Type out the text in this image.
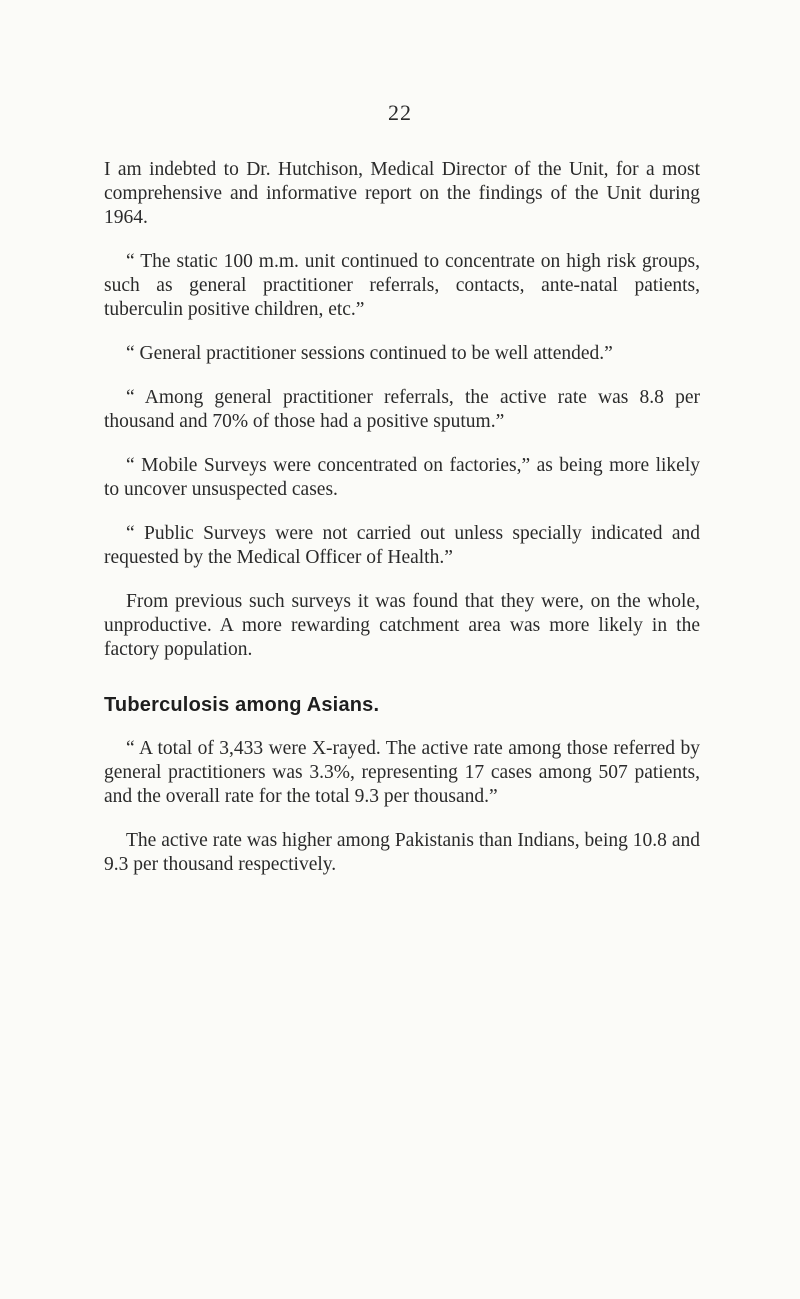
22

I am indebted to Dr. Hutchison, Medical Director of the Unit, for a most comprehensive and informative report on the findings of the Unit during 1964.

“ The static 100 m.m. unit continued to concentrate on high risk groups, such as general practitioner referrals, contacts, ante-natal patients, tuberculin positive children, etc.”

“ General practitioner sessions continued to be well attended.”

“ Among general practitioner referrals, the active rate was 8.8 per thousand and 70% of those had a positive sputum.”

“ Mobile Surveys were concentrated on factories,” as being more likely to uncover unsuspected cases.

“ Public Surveys were not carried out unless specially indicated and requested by the Medical Officer of Health.”

From previous such surveys it was found that they were, on the whole, unproductive. A more rewarding catchment area was more likely in the factory population.

Tuberculosis among Asians.

“ A total of 3,433 were X-rayed. The active rate among those referred by general practitioners was 3.3%, representing 17 cases among 507 patients, and the overall rate for the total 9.3 per thousand.”

The active rate was higher among Pakistanis than Indians, being 10.8 and 9.3 per thousand respectively.
